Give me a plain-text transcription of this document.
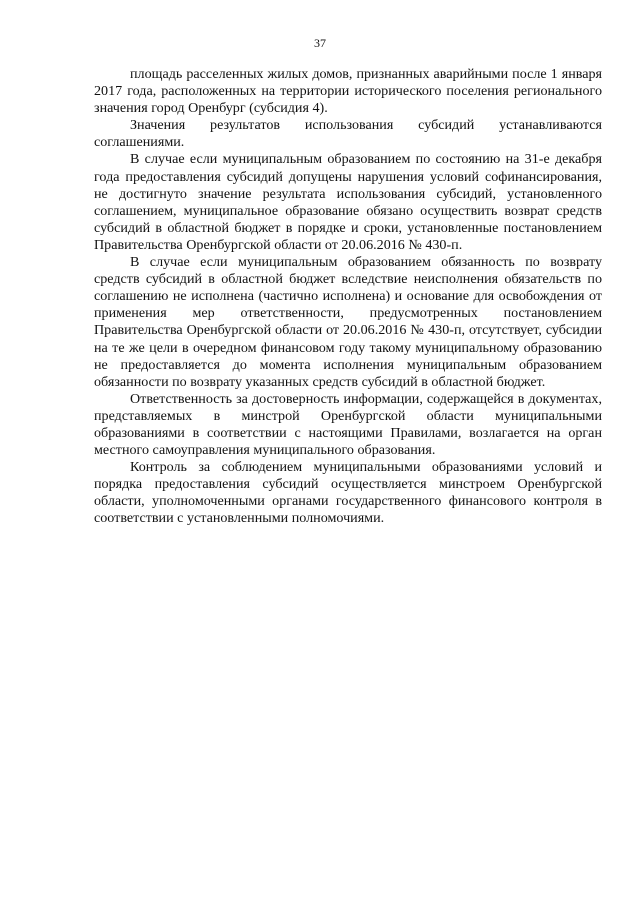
37

площадь расселенных жилых домов, признанных аварийными после 1 января 2017 года, расположенных на территории исторического поселения регионального значения город Оренбург (субсидия 4).

Значения результатов использования субсидий устанавливаются соглашениями.

В случае если муниципальным образованием по состоянию на 31-е декабря года предоставления субсидий допущены нарушения условий софинансирования, не достигнуто значение результата использования субсидий, установленного соглашением, муниципальное образование обязано осуществить возврат средств субсидий в областной бюджет в порядке и сроки, установленные постановлением Правительства Оренбургской области от 20.06.2016 № 430-п.

В случае если муниципальным образованием обязанность по возврату средств субсидий в областной бюджет вследствие неисполнения обязательств по соглашению не исполнена (частично исполнена) и основание для освобождения от применения мер ответственности, предусмотренных постановлением Правительства Оренбургской области от 20.06.2016 № 430-п, отсутствует, субсидии на те же цели в очередном финансовом году такому муниципальному образованию не предоставляется до момента исполнения муниципальным образованием обязанности по возврату указанных средств субсидий в областной бюджет.

Ответственность за достоверность информации, содержащейся в документах, представляемых в минстрой Оренбургской области муниципальными образованиями в соответствии с настоящими Правилами, возлагается на орган местного самоуправления муниципального образования.

Контроль за соблюдением муниципальными образованиями условий и порядка предоставления субсидий осуществляется минстроем Оренбургской области, уполномоченными органами государственного финансового контроля в соответствии с установленными полномочиями.
